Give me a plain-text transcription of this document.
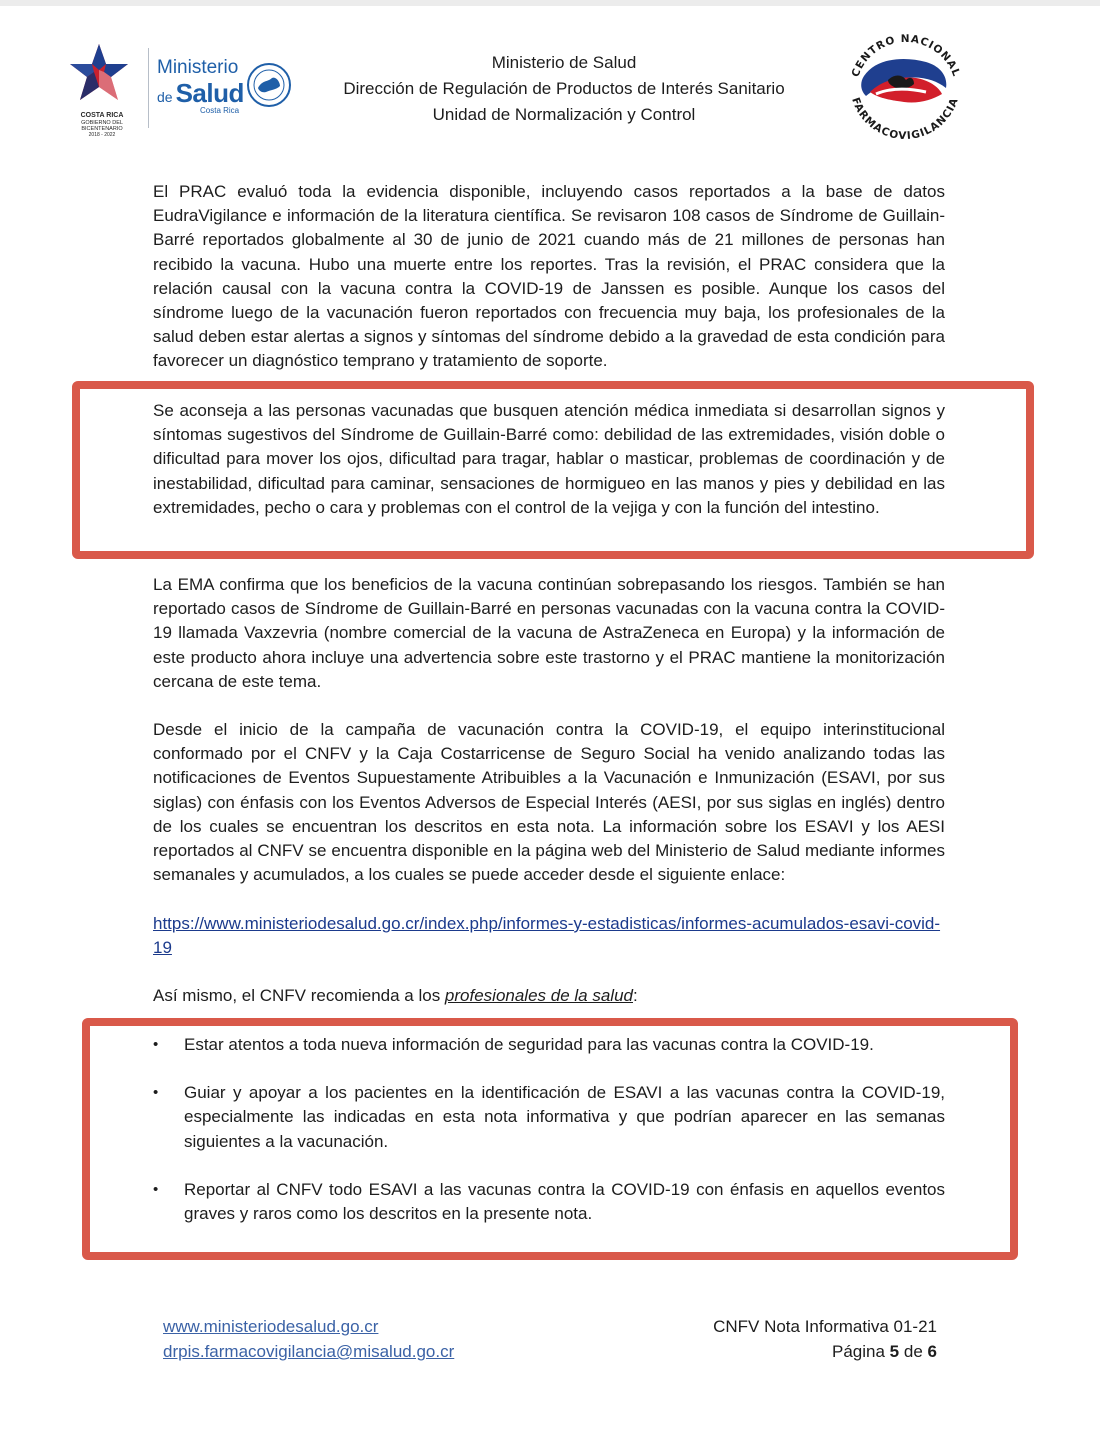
COSTA RICA
GOBIERNO DEL BICENTENARIO
2018 - 2022
Ministerio
de Salud
Costa Rica
Ministerio de Salud
Dirección de Regulación de Productos de Interés Sanitario
Unidad de Normalización y Control
CENTRO NACIONAL
FARMACOVIGILANCIA

El PRAC evaluó toda la evidencia disponible, incluyendo casos reportados a la base de datos EudraVigilance e información de la literatura científica. Se revisaron 108 casos de Síndrome de Guillain-Barré reportados globalmente al 30 de junio de 2021 cuando más de 21 millones de personas han recibido la vacuna. Hubo una muerte entre los reportes. Tras la revisión, el PRAC considera que la relación causal con la vacuna contra la COVID-19 de Janssen es posible. Aunque los casos del síndrome luego de la vacunación fueron reportados con frecuencia muy baja, los profesionales de la salud deben estar alertas a signos y síntomas del síndrome debido a la gravedad de esta condición para favorecer un diagnóstico temprano y tratamiento de soporte.

Se aconseja a las personas vacunadas que busquen atención médica inmediata si desarrollan signos y síntomas sugestivos del Síndrome de Guillain-Barré como: debilidad de las extremidades, visión doble o dificultad para mover los ojos, dificultad para tragar, hablar o masticar, problemas de coordinación y de inestabilidad, dificultad para caminar, sensaciones de hormigueo en las manos y pies y debilidad en las extremidades, pecho o cara y problemas con el control de la vejiga y con la función del intestino.

La EMA confirma que los beneficios de la vacuna continúan sobrepasando los riesgos. También se han reportado casos de Síndrome de Guillain-Barré en personas vacunadas con la vacuna contra la COVID-19 llamada Vaxzevria (nombre comercial de la vacuna de AstraZeneca en Europa) y la información de este producto ahora incluye una advertencia sobre este trastorno y el PRAC mantiene la monitorización cercana de este tema.

Desde el inicio de la campaña de vacunación contra la COVID-19, el equipo interinstitucional conformado por el CNFV y la Caja Costarricense de Seguro Social ha venido analizando todas las notificaciones de Eventos Supuestamente Atribuibles a la Vacunación e Inmunización (ESAVI, por sus siglas) con énfasis con los Eventos Adversos de Especial Interés (AESI, por sus siglas en inglés) dentro de los cuales se encuentran los descritos en esta nota. La información sobre los ESAVI y los AESI reportados al CNFV se encuentra disponible en la página web del Ministerio de Salud mediante informes semanales y acumulados, a los cuales se puede acceder desde el siguiente enlace:

https://www.ministeriodesalud.go.cr/index.php/informes-y-estadisticas/informes-acumulados-esavi-covid-19

Así mismo, el CNFV recomienda a los profesionales de la salud:

• Estar atentos a toda nueva información de seguridad para las vacunas contra la COVID-19.
• Guiar y apoyar a los pacientes en la identificación de ESAVI a las vacunas contra la COVID-19, especialmente las indicadas en esta nota informativa y que podrían aparecer en las semanas siguientes a la vacunación.
• Reportar al CNFV todo ESAVI a las vacunas contra la COVID-19 con énfasis en aquellos eventos graves y raros como los descritos en la presente nota.
www.ministeriodesalud.go.cr
drpis.farmacovigilancia@misalud.go.cr
CNFV Nota Informativa 01-21
Página 5 de 6
